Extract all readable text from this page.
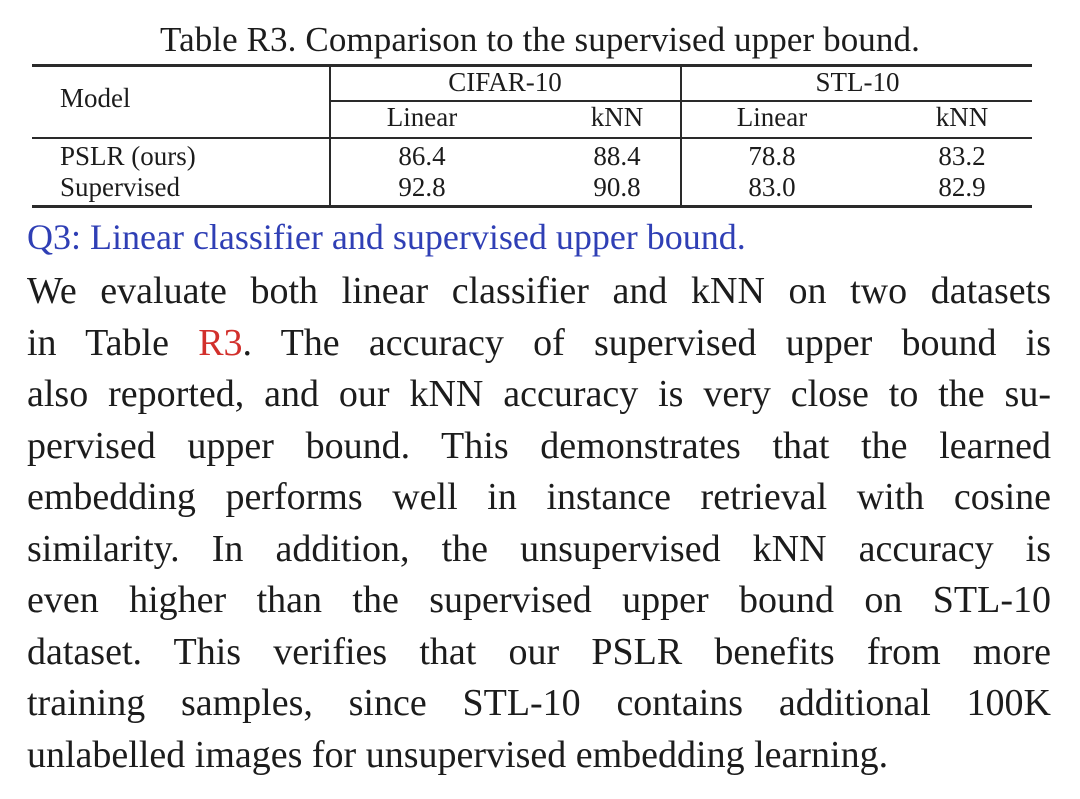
Table R3. Comparison to the supervised upper bound.
Model
CIFAR-10	STL-10
Linear	kNN	Linear	kNN
PSLR (ours)	86.4	88.4	78.8	83.2
Supervised	92.8	90.8	83.0	82.9
Q3: Linear classifier and supervised upper bound.
We evaluate both linear classifier and kNN on two datasets
in Table R3. The accuracy of supervised upper bound is
also reported, and our kNN accuracy is very close to the su-
pervised upper bound. This demonstrates that the learned
embedding performs well in instance retrieval with cosine
similarity. In addition, the unsupervised kNN accuracy is
even higher than the supervised upper bound on STL-10
dataset. This verifies that our PSLR benefits from more
training samples, since STL-10 contains additional 100K
unlabelled images for unsupervised embedding learning.
